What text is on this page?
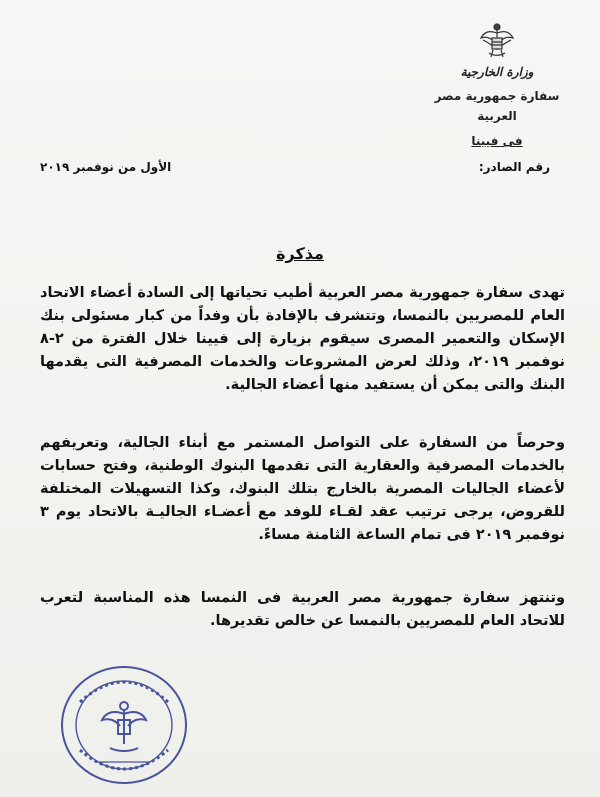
وزارة الخارجية
سفارة جمهورية مصر العربية
فى فيينا
رقم الصادر:
الأول من نوفمبر ٢٠١٩
مذكرة
تهدى سفارة جمهورية مصر العربية أطيب تحياتها إلى السادة أعضاء الاتحاد العام للمصريين بالنمسا، وتتشرف بالإفادة بأن وفداً من كبار مسئولى بنك الإسكان والتعمير المصرى سيقوم بزيارة إلى فيينا خلال الفترة من ٢-٨ نوفمبر ٢٠١٩، وذلك لعرض المشروعات والخدمات المصرفية التى يقدمها البنك والتى يمكن أن يستفيد منها أعضاء الجالية.
وحرصاً من السفارة على التواصل المستمر مع أبناء الجالية، وتعريفهم بالخدمات المصرفية والعقارية التى تقدمها البنوك الوطنية، وفتح حسابات لأعضاء الجاليات المصرية بالخارج بتلك البنوك، وكذا التسهيلات المختلفة للقروض، يرجى ترتيب عقد لقـاء للوفد مع أعضـاء الجاليـة بالاتحاد يوم ٣ نوفمبر ٢٠١٩ فى تمام الساعة الثامنة مساءً.
وتنتهز سفارة جمهورية مصر العربية فى النمسا هذه المناسبة لتعرب للاتحاد العام للمصريين بالنمسا عن خالص تقديرها.
